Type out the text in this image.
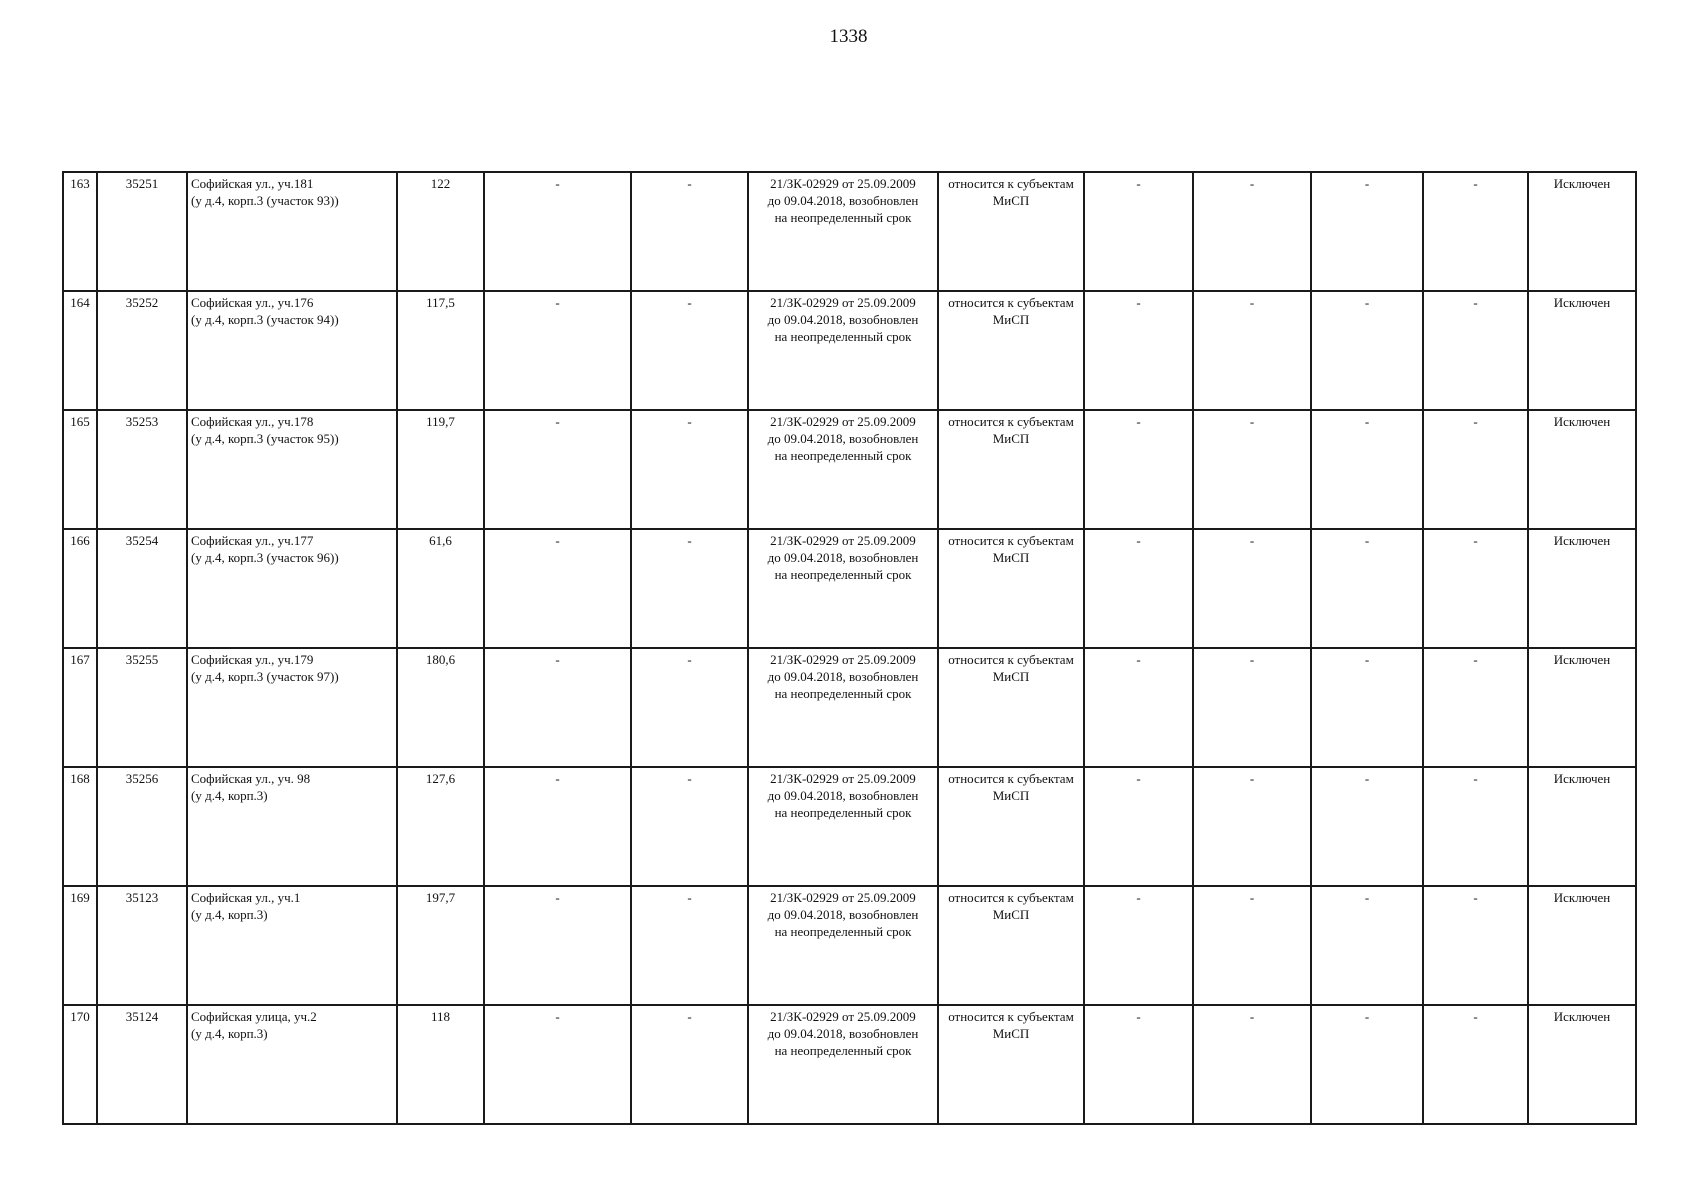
1338
163	35251	Софийская ул., уч.181
(у д.4, корп.3 (участок 93))	122	-	-	21/ЗК-02929 от 25.09.2009
до 09.04.2018, возобновлен
на неопределенный срок	относится к субъектам
МиСП	-	-	-	-	Исключен
164	35252	Софийская ул., уч.176
(у д.4, корп.3 (участок 94))	117,5	-	-	21/ЗК-02929 от 25.09.2009
до 09.04.2018, возобновлен
на неопределенный срок	относится к субъектам
МиСП	-	-	-	-	Исключен
165	35253	Софийская ул., уч.178
(у д.4, корп.3 (участок 95))	119,7	-	-	21/ЗК-02929 от 25.09.2009
до 09.04.2018, возобновлен
на неопределенный срок	относится к субъектам
МиСП	-	-	-	-	Исключен
166	35254	Софийская ул., уч.177
(у д.4, корп.3 (участок 96))	61,6	-	-	21/ЗК-02929 от 25.09.2009
до 09.04.2018, возобновлен
на неопределенный срок	относится к субъектам
МиСП	-	-	-	-	Исключен
167	35255	Софийская ул., уч.179
(у д.4, корп.3 (участок 97))	180,6	-	-	21/ЗК-02929 от 25.09.2009
до 09.04.2018, возобновлен
на неопределенный срок	относится к субъектам
МиСП	-	-	-	-	Исключен
168	35256	Софийская ул., уч. 98
(у д.4, корп.3)	127,6	-	-	21/ЗК-02929 от 25.09.2009
до 09.04.2018, возобновлен
на неопределенный срок	относится к субъектам
МиСП	-	-	-	-	Исключен
169	35123	Софийская ул., уч.1
(у д.4, корп.3)	197,7	-	-	21/ЗК-02929 от 25.09.2009
до 09.04.2018, возобновлен
на неопределенный срок	относится к субъектам
МиСП	-	-	-	-	Исключен
170	35124	Софийская улица, уч.2
(у д.4, корп.3)	118	-	-	21/ЗК-02929 от 25.09.2009
до 09.04.2018, возобновлен
на неопределенный срок	относится к субъектам
МиСП	-	-	-	-	Исключен
